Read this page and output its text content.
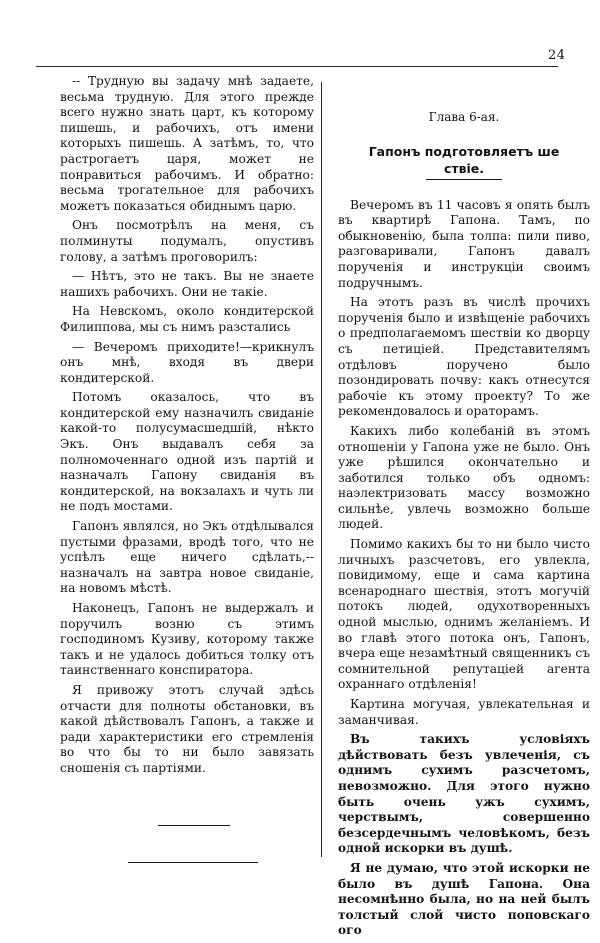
24

-- Трудную вы задачу мнѣ задаете, весьма трудную. Для этого прежде всего нужно знать царт, къ которому пишешь, и рабочихъ, отъ имени которыхъ пишешь. А затѣмъ, то, что растрогаетъ царя, может не понравиться рабочимъ. И обратно: весьма трогательное для рабочихъ можетъ показаться обиднымъ царю.

Онъ посмотрѣлъ на меня, съ полминуты подумалъ, опустивъ голову, а затѣмъ проговорилъ:

— Нѣтъ, это не такъ. Вы не знаете нашихъ рабочихъ. Они не такіе.

На Невскомъ, около кондитерской Филиппова, мы съ нимъ разстались

— Вечеромъ приходите!—крикнулъ онъ мнѣ, входя въ двери кондитерской.

Потомъ оказалось, что въ кондитерской ему назначилъ свиданіе какой-то полусумасшедшій, нѣкто Экъ. Онъ выдавалъ себя за полномоченнаго одной изъ партій и назначалъ Гапону свиданія въ кондитерской, на вокзалахъ и чуть ли не подъ мостами.

Гапонъ являлся, но Экъ отдѣлывался пустыми фразами, вродѣ того, что не успѣлъ еще ничего сдѣлать,--назначалъ на завтра новое свиданіе, на новомъ мѣстѣ.

Наконецъ, Гапонъ не выдержалъ и поручилъ возню съ этимъ господиномъ Кузиву, которому также такъ и не удалось добиться толку отъ таинственнаго конспиратора.

Я привожу этотъ случай здѣсь отчасти для полноты обстановки, въ какой дѣйствовалъ Гапонъ, а также и ради характеристики его стремленія во что бы то ни было завязать сношенія съ партіями.

Глава 6-ая.
Гапонъ подготовляетъ ше
ствіе.

Вечеромъ въ 11 часовъ я опять былъ въ квартирѣ Гапона. Тамъ, по обыкновенію, была толпа: пили пиво, разговаривали, Гапонъ давалъ порученія и инструкціи своимъ подручнымъ.

На этотъ разъ въ числѣ прочихъ порученія было и извѣщеніе рабочихъ о предполагаемомъ шествіи ко дворцу съ петиціей. Представителямъ отдѣловъ поручено было позондировать почву: какъ отнесутся рабочіе къ этому проекту? То же рекомендовалось и ораторамъ.

Какихъ либо колебаній въ этомъ отношеніи у Гапона уже не было. Онъ уже рѣшился окончательно и заботился только объ одномъ: наэлектризовать массу возможно сильнѣе, увлечь возможно больше людей.

Помимо какихъ бы то ни было чисто личныхъ разсчетовъ, его увлекла, повидимому, еще и сама картина всенароднаго шествія, этотъ могучій потокъ людей, одухотворенныхъ одной мыслью, однимъ желаніемъ. И во главѣ этого потока онъ, Гапонъ, вчера еще незамѣтный священникъ съ сомнительной репутаціей агента охраннаго отдѣленія!

Картина могучая, увлекательная и заманчивая.

Въ такихъ условіяхъ дѣйствовать безъ увлеченія, съ однимъ сухимъ разсчетомъ, невозможно. Для этого нужно быть очень ужъ сухимъ, черствымъ, совершенно безсердечнымъ человѣкомъ, безъ одной искорки въ душѣ.

Я не думаю, что этой искорки не было въ душѣ Гапона. Она несомнѣнно была, но на ней былъ толстый слой чисто поповскаго ого
